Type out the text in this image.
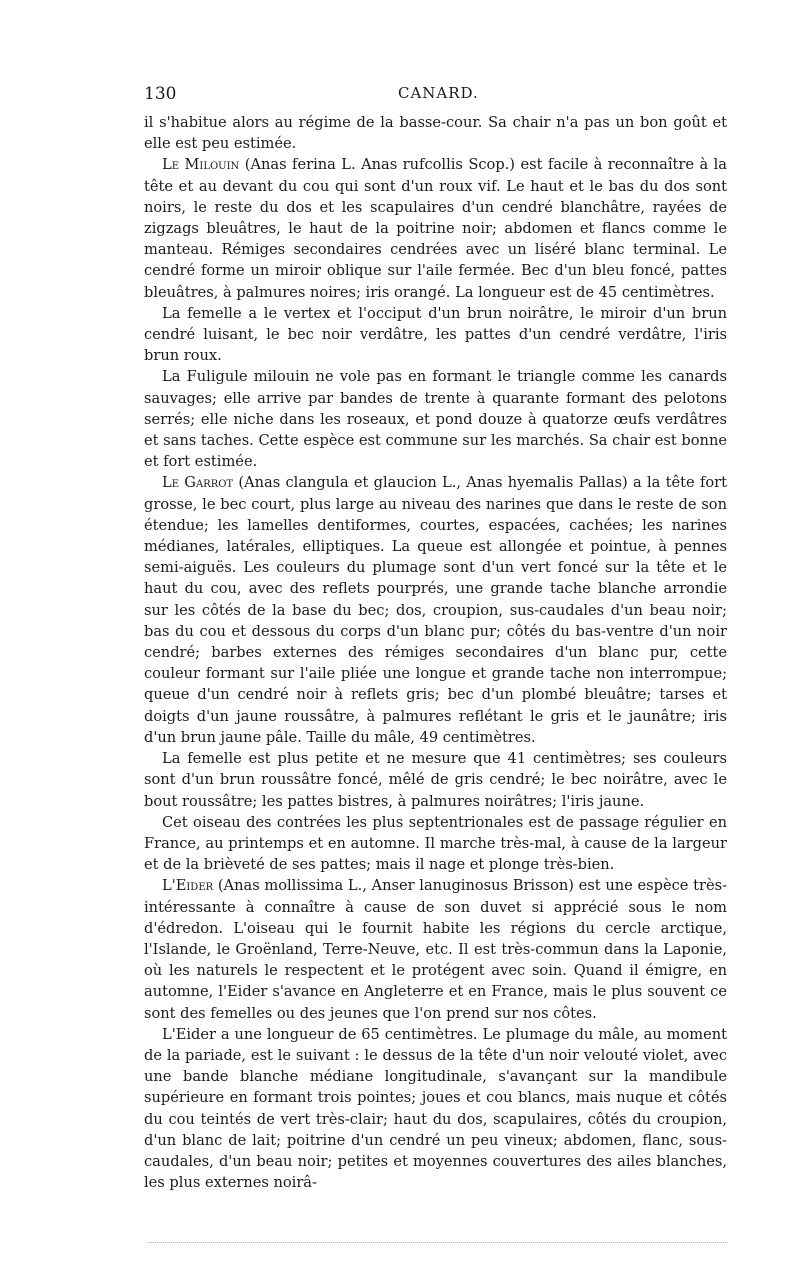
130	CANARD.

il s'habitue alors au régime de la basse-cour. Sa chair n'a pas un bon goût et elle est peu estimée.

Le Milouin (Anas ferina L. Anas rufcollis Scop.) est facile à reconnaître à la tête et au devant du cou qui sont d'un roux vif. Le haut et le bas du dos sont noirs, le reste du dos et les scapulaires d'un cendré blanchâtre, rayées de zigzags bleuâtres, le haut de la poitrine noir; abdomen et flancs comme le manteau. Rémiges secondaires cendrées avec un liséré blanc terminal. Le cendré forme un miroir oblique sur l'aile fermée. Bec d'un bleu foncé, pattes bleuâtres, à palmures noires; iris orangé. La longueur est de 45 centimètres.

La femelle a le vertex et l'occiput d'un brun noirâtre, le miroir d'un brun cendré luisant, le bec noir verdâtre, les pattes d'un cendré verdâtre, l'iris brun roux.

La Fuligule milouin ne vole pas en formant le triangle comme les canards sauvages; elle arrive par bandes de trente à quarante formant des pelotons serrés; elle niche dans les roseaux, et pond douze à quatorze œufs verdâtres et sans taches. Cette espèce est commune sur les marchés. Sa chair est bonne et fort estimée.

Le Garrot (Anas clangula et glaucion L., Anas hyemalis Pallas) a la tête fort grosse, le bec court, plus large au niveau des narines que dans le reste de son étendue; les lamelles dentiformes, courtes, espacées, cachées; les narines médianes, latérales, elliptiques. La queue est allongée et pointue, à pennes semi-aiguës. Les couleurs du plumage sont d'un vert foncé sur la tête et le haut du cou, avec des reflets pourprés, une grande tache blanche arrondie sur les côtés de la base du bec; dos, croupion, sus-caudales d'un beau noir; bas du cou et dessous du corps d'un blanc pur; côtés du bas-ventre d'un noir cendré; barbes externes des rémiges secondaires d'un blanc pur, cette couleur formant sur l'aile pliée une longue et grande tache non interrompue; queue d'un cendré noir à reflets gris; bec d'un plombé bleuâtre; tarses et doigts d'un jaune roussâtre, à palmures reflétant le gris et le jaunâtre; iris d'un brun jaune pâle. Taille du mâle, 49 centimètres.

La femelle est plus petite et ne mesure que 41 centimètres; ses couleurs sont d'un brun roussâtre foncé, mêlé de gris cendré; le bec noirâtre, avec le bout roussâtre; les pattes bistres, à palmures noirâtres; l'iris jaune.

Cet oiseau des contrées les plus septentrionales est de passage régulier en France, au printemps et en automne. Il marche très-mal, à cause de la largeur et de la brièveté de ses pattes; mais il nage et plonge très-bien.

L'Eider (Anas mollissima L., Anser lanuginosus Brisson) est une espèce très-intéressante à connaître à cause de son duvet si apprécié sous le nom d'édredon. L'oiseau qui le fournit habite les régions du cercle arctique, l'Islande, le Groënland, Terre-Neuve, etc. Il est très-commun dans la Laponie, où les naturels le respectent et le protégent avec soin. Quand il émigre, en automne, l'Eider s'avance en Angleterre et en France, mais le plus souvent ce sont des femelles ou des jeunes que l'on prend sur nos côtes.

L'Eider a une longueur de 65 centimètres. Le plumage du mâle, au moment de la pariade, est le suivant : le dessus de la tête d'un noir velouté violet, avec une bande blanche médiane longitudinale, s'avançant sur la mandibule supérieure en formant trois pointes; joues et cou blancs, mais nuque et côtés du cou teintés de vert très-clair; haut du dos, scapulaires, côtés du croupion, d'un blanc de lait; poitrine d'un cendré un peu vineux; abdomen, flanc, sous-caudales, d'un beau noir; petites et moyennes couvertures des ailes blanches, les plus externes noirâ-
